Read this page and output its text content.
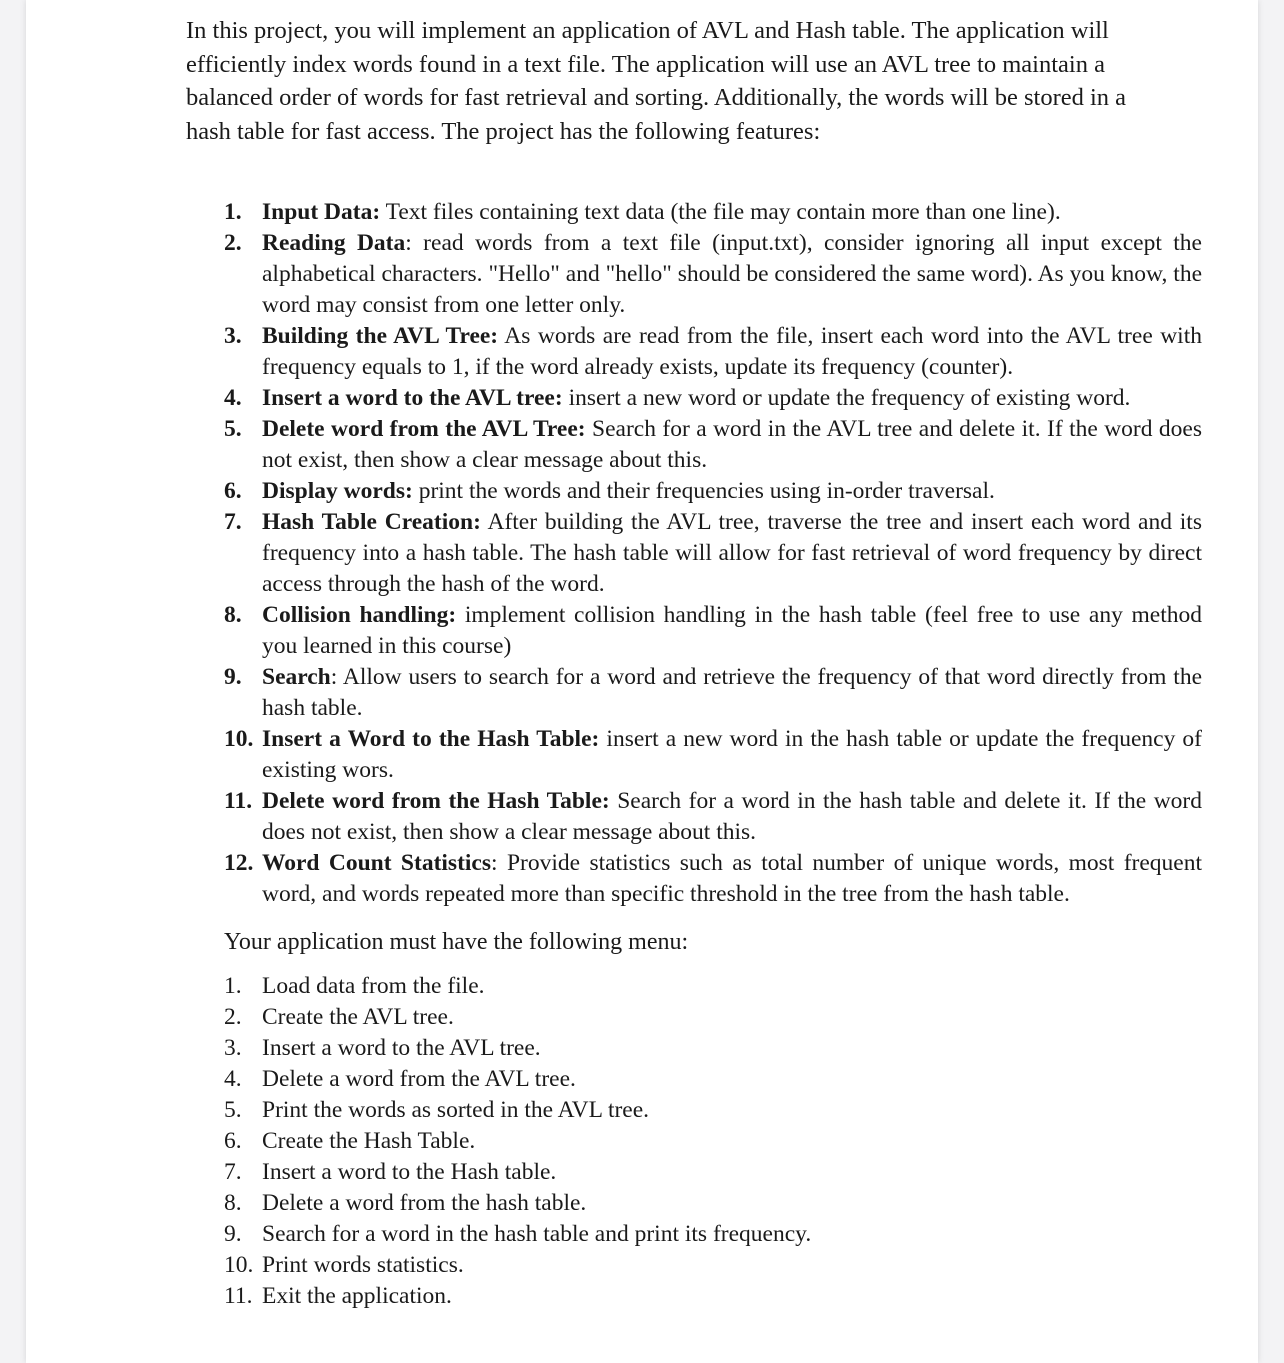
In this project, you will implement an application of AVL and Hash table. The application will efficiently index words found in a text file. The application will use an AVL tree to maintain a balanced order of words for fast retrieval and sorting. Additionally, the words will be stored in a hash table for fast access. The project has the following features:

1. Input Data: Text files containing text data (the file may contain more than one line).
2. Reading Data: read words from a text file (input.txt), consider ignoring all input except the alphabetical characters. "Hello" and "hello" should be considered the same word). As you know, the word may consist from one letter only.
3. Building the AVL Tree: As words are read from the file, insert each word into the AVL tree with frequency equals to 1, if the word already exists, update its frequency (counter).
4. Insert a word to the AVL tree: insert a new word or update the frequency of existing word.
5. Delete word from the AVL Tree: Search for a word in the AVL tree and delete it. If the word does not exist, then show a clear message about this.
6. Display words: print the words and their frequencies using in-order traversal.
7. Hash Table Creation: After building the AVL tree, traverse the tree and insert each word and its frequency into a hash table. The hash table will allow for fast retrieval of word frequency by direct access through the hash of the word.
8. Collision handling: implement collision handling in the hash table (feel free to use any method you learned in this course)
9. Search: Allow users to search for a word and retrieve the frequency of that word directly from the hash table.
10. Insert a Word to the Hash Table: insert a new word in the hash table or update the frequency of existing wors.
11. Delete word from the Hash Table: Search for a word in the hash table and delete it. If the word does not exist, then show a clear message about this.
12. Word Count Statistics: Provide statistics such as total number of unique words, most frequent word, and words repeated more than specific threshold in the tree from the hash table.

Your application must have the following menu:

1. Load data from the file.
2. Create the AVL tree.
3. Insert a word to the AVL tree.
4. Delete a word from the AVL tree.
5. Print the words as sorted in the AVL tree.
6. Create the Hash Table.
7. Insert a word to the Hash table.
8. Delete a word from the hash table.
9. Search for a word in the hash table and print its frequency.
10. Print words statistics.
11. Exit the application.
